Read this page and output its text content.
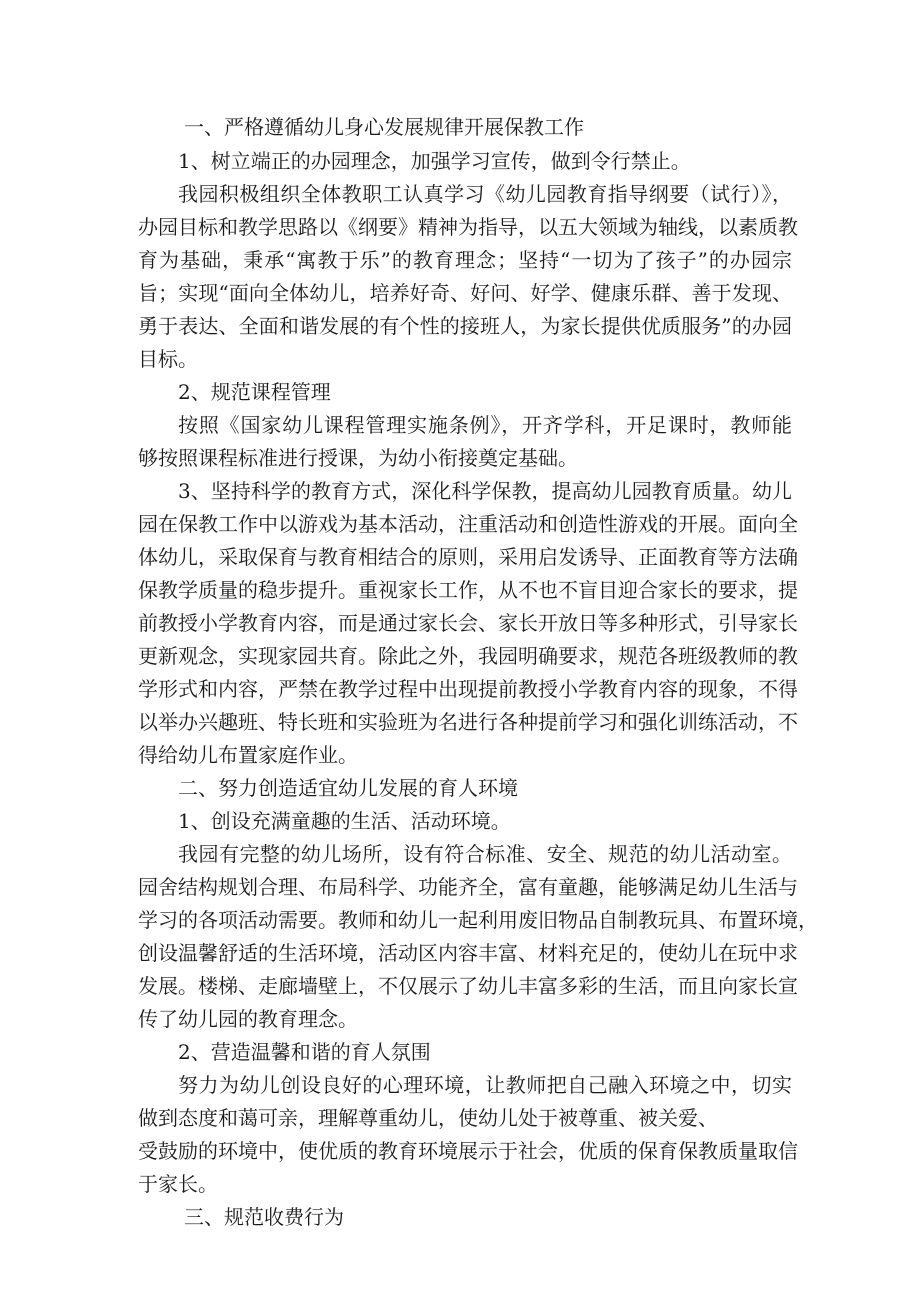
一、严格遵循幼儿身心发展规律开展保教工作
1、树立端正的办园理念，加强学习宣传，做到令行禁止。
我园积极组织全体教职工认真学习《幼儿园教育指导纲要（试行）》，
办园目标和教学思路以《纲要》精神为指导，以五大领域为轴线，以素质教
育为基础，秉承“寓教于乐”的教育理念；坚持“一切为了孩子”的办园宗
旨；实现“面向全体幼儿，培养好奇、好问、好学、健康乐群、善于发现、
勇于表达、全面和谐发展的有个性的接班人，为家长提供优质服务”的办园
目标。
2、规范课程管理
按照《国家幼儿课程管理实施条例》，开齐学科，开足课时，教师能
够按照课程标准进行授课，为幼小衔接奠定基础。
3、坚持科学的教育方式，深化科学保教，提高幼儿园教育质量。幼儿
园在保教工作中以游戏为基本活动，注重活动和创造性游戏的开展。面向全
体幼儿，采取保育与教育相结合的原则，采用启发诱导、正面教育等方法确
保教学质量的稳步提升。重视家长工作，从不也不盲目迎合家长的要求，提
前教授小学教育内容，而是通过家长会、家长开放日等多种形式，引导家长
更新观念，实现家园共育。除此之外，我园明确要求，规范各班级教师的教
学形式和内容，严禁在教学过程中出现提前教授小学教育内容的现象，不得
以举办兴趣班、特长班和实验班为名进行各种提前学习和强化训练活动，不
得给幼儿布置家庭作业。
二、努力创造适宜幼儿发展的育人环境
1、创设充满童趣的生活、活动环境。
我园有完整的幼儿场所，设有符合标准、安全、规范的幼儿活动室。
园舍结构规划合理、布局科学、功能齐全，富有童趣，能够满足幼儿生活与
学习的各项活动需要。教师和幼儿一起利用废旧物品自制教玩具、布置环境，
创设温馨舒适的生活环境，活动区内容丰富、材料充足的，使幼儿在玩中求
发展。楼梯、走廊墙壁上，不仅展示了幼儿丰富多彩的生活，而且向家长宣
传了幼儿园的教育理念。
2、营造温馨和谐的育人氛围
努力为幼儿创设良好的心理环境，让教师把自己融入环境之中，切实
做到态度和蔼可亲，理解尊重幼儿，使幼儿处于被尊重、被关爱、
受鼓励的环境中，使优质的教育环境展示于社会，优质的保育保教质量取信
于家长。
三、规范收费行为
